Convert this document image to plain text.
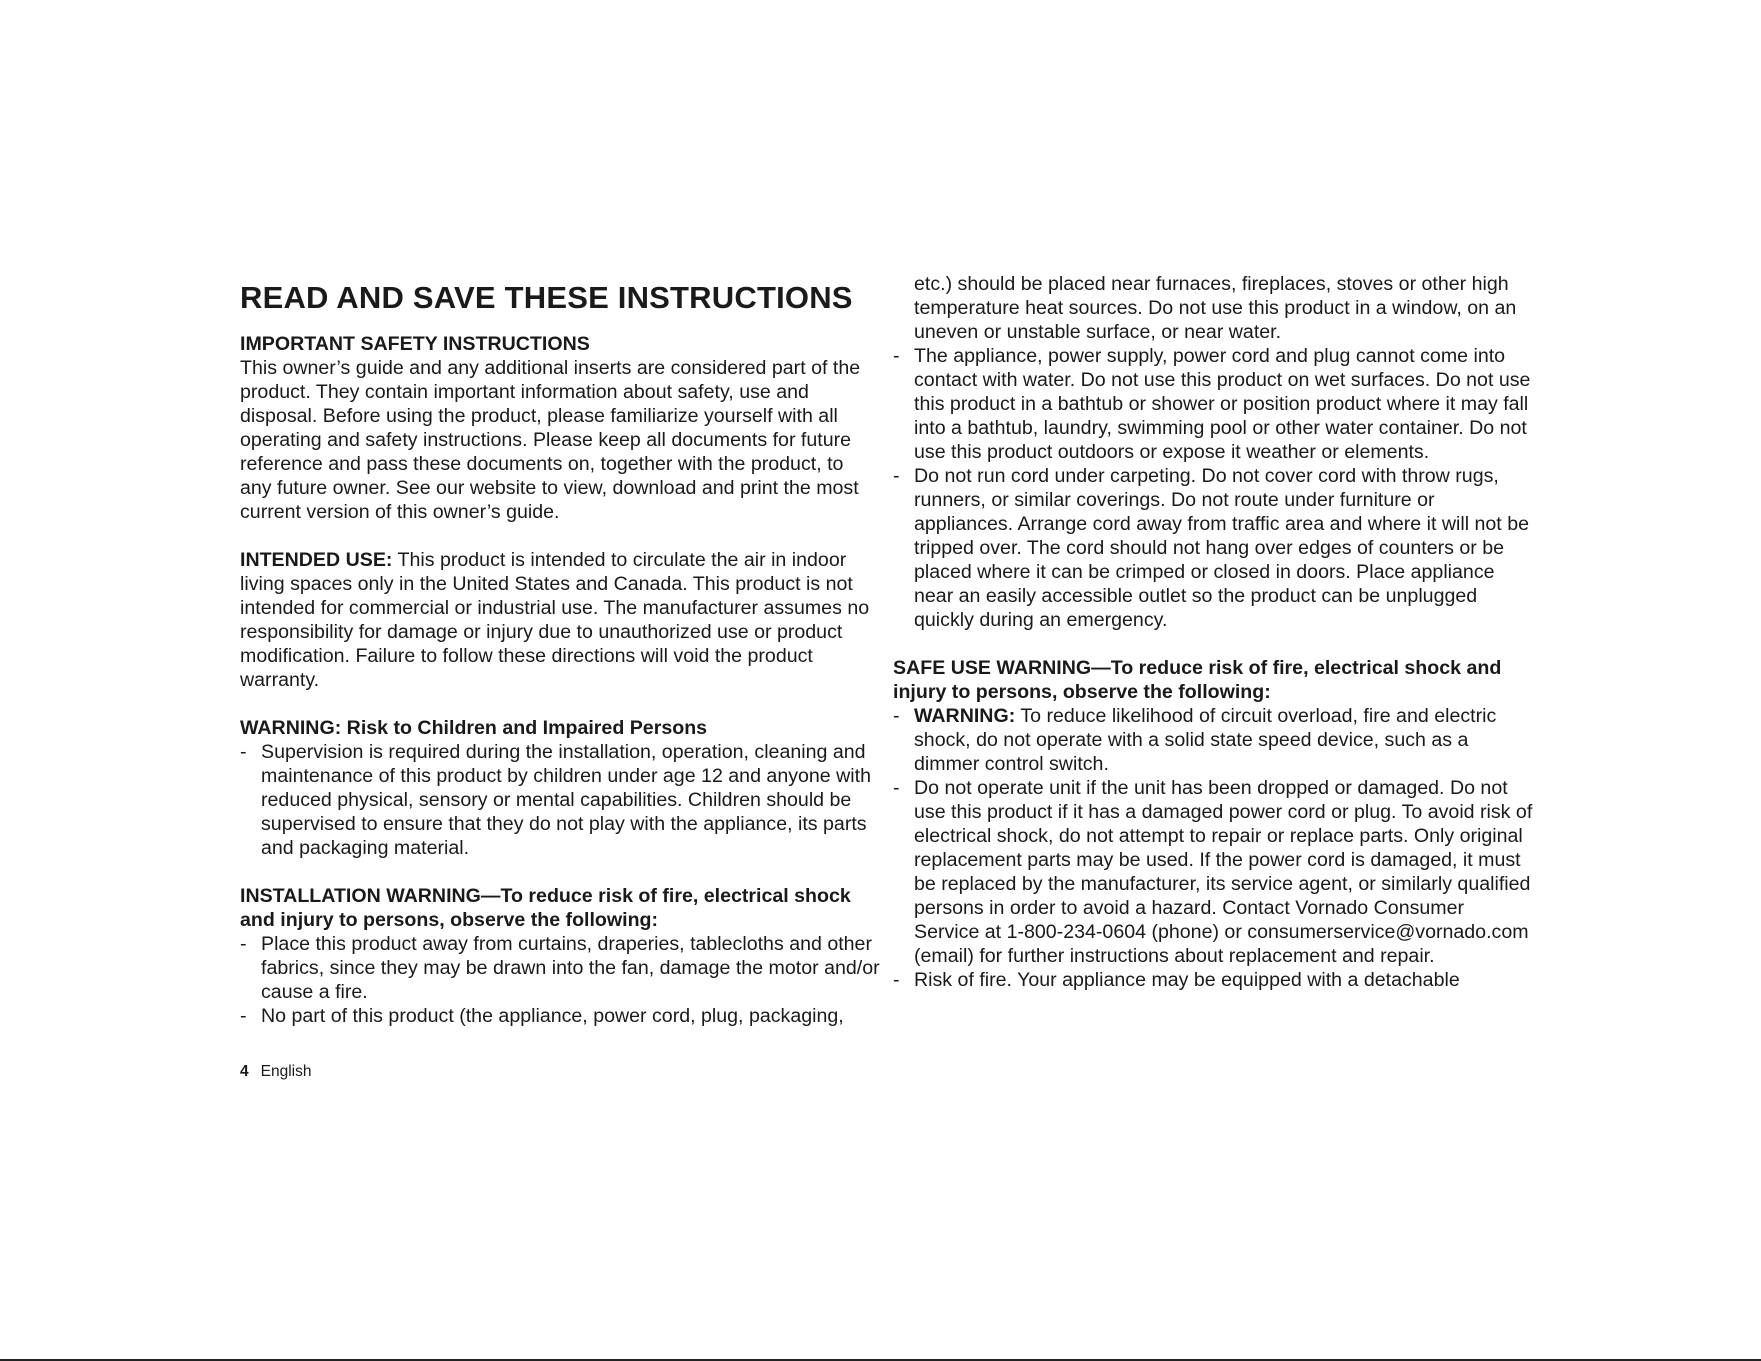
READ AND SAVE THESE INSTRUCTIONS

IMPORTANT SAFETY INSTRUCTIONS

This owner’s guide and any additional inserts are considered part of the product. They contain important information about safety, use and disposal. Before using the product, please familiarize yourself with all operating and safety instructions. Please keep all documents for future reference and pass these documents on, together with the product, to any future owner. See our website to view, download and print the most current version of this owner’s guide.

INTENDED USE: This product is intended to circulate the air in indoor living spaces only in the United States and Canada. This product is not intended for commercial or industrial use. The manufacturer assumes no responsibility for damage or injury due to unauthorized use or product modification. Failure to follow these directions will void the product warranty.

WARNING: Risk to Children and Impaired Persons

- Supervision is required during the installation, operation, cleaning and maintenance of this product by children under age 12 and anyone with reduced physical, sensory or mental capabilities. Children should be supervised to ensure that they do not play with the appliance, its parts and packaging material.

INSTALLATION WARNING—To reduce risk of fire, electrical shock and injury to persons, observe the following:

- Place this product away from curtains, draperies, tablecloths and other fabrics, since they may be drawn into the fan, damage the motor and/or cause a fire.
- No part of this product (the appliance, power cord, plug, packaging,

etc.) should be placed near furnaces, fireplaces, stoves or other high temperature heat sources. Do not use this product in a window, on an uneven or unstable surface, or near water.

- The appliance, power supply, power cord and plug cannot come into contact with water. Do not use this product on wet surfaces. Do not use this product in a bathtub or shower or position product where it may fall into a bathtub, laundry, swimming pool or other water container. Do not use this product outdoors or expose it weather or elements.
- Do not run cord under carpeting. Do not cover cord with throw rugs, runners, or similar coverings. Do not route under furniture or appliances. Arrange cord away from traffic area and where it will not be tripped over. The cord should not hang over edges of counters or be placed where it can be crimped or closed in doors. Place appliance near an easily accessible outlet so the product can be unplugged quickly during an emergency.

SAFE USE WARNING—To reduce risk of fire, electrical shock and injury to persons, observe the following:

- WARNING: To reduce likelihood of circuit overload, fire and electric shock, do not operate with a solid state speed device, such as a dimmer control switch.
- Do not operate unit if the unit has been dropped or damaged. Do not use this product if it has a damaged power cord or plug. To avoid risk of electrical shock, do not attempt to repair or replace parts. Only original replacement parts may be used. If the power cord is damaged, it must be replaced by the manufacturer, its service agent, or similarly qualified persons in order to avoid a hazard. Contact Vornado Consumer Service at 1-800-234-0604 (phone) or consumerservice@vornado.com (email) for further instructions about replacement and repair.
- Risk of fire. Your appliance may be equipped with a detachable
4 English
